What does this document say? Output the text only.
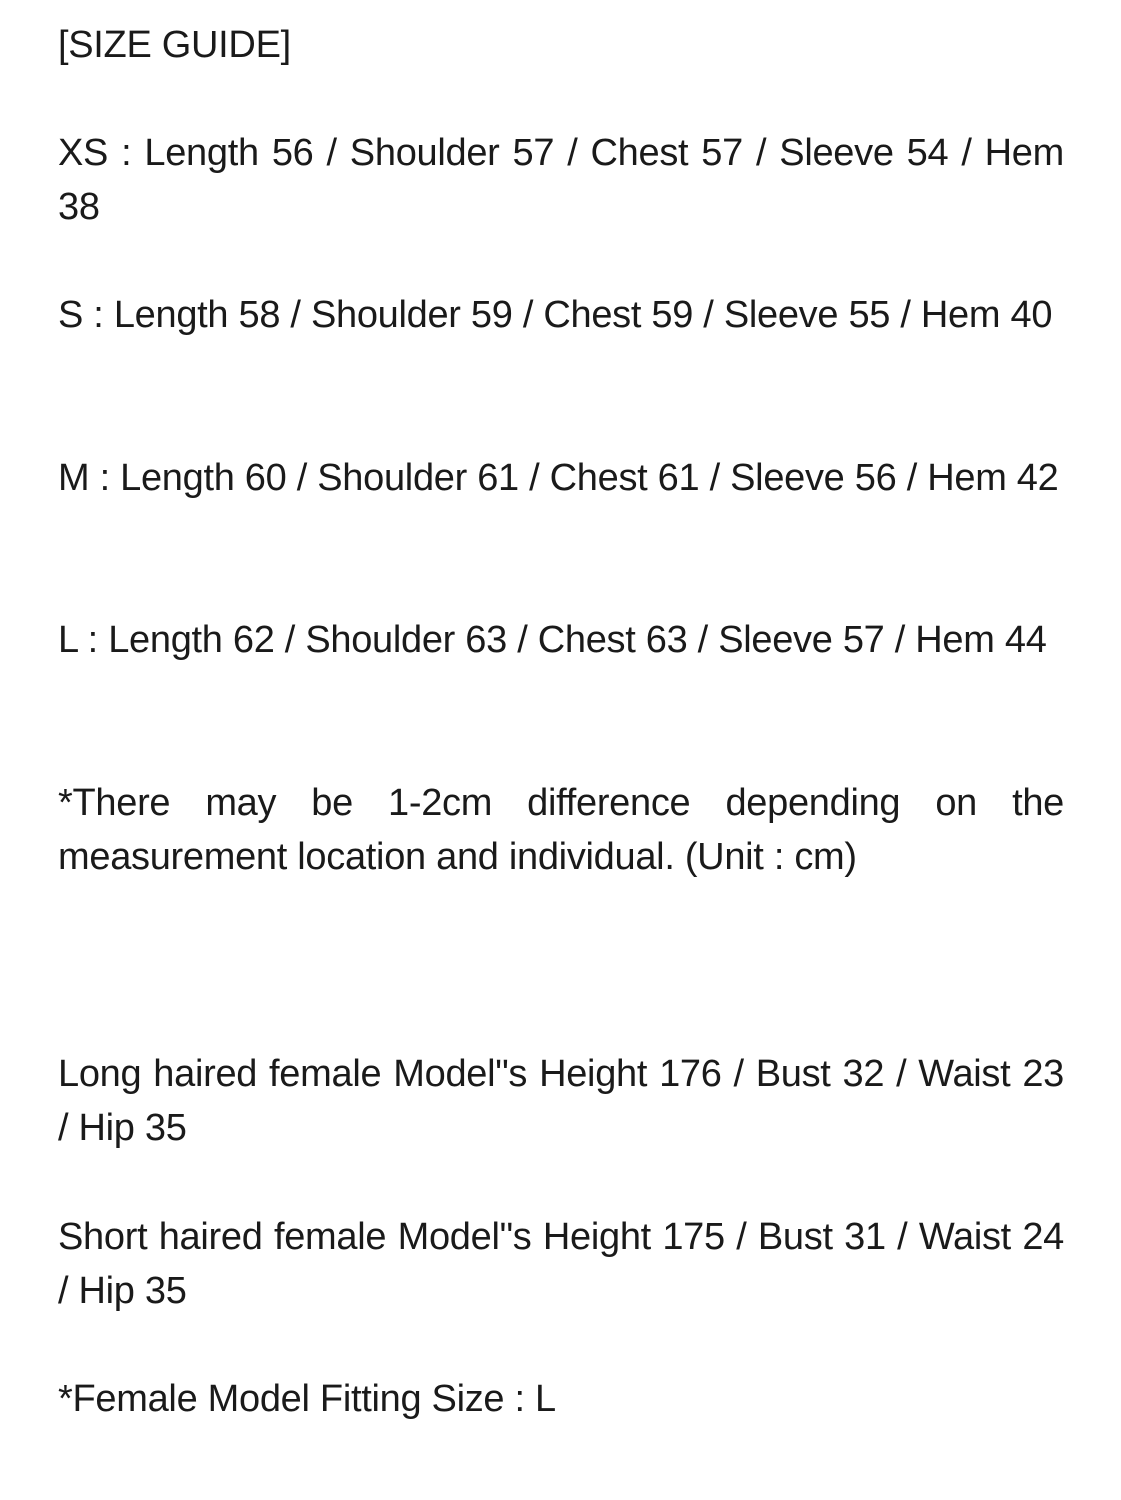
[SIZE GUIDE]

XS : Length 56 / Shoulder 57 / Chest 57 / Sleeve 54 / Hem 38

S : Length 58 / Shoulder 59 / Chest 59 / Sleeve 55 / Hem 40

M : Length 60 / Shoulder 61 / Chest 61 / Sleeve 56 / Hem 42

L : Length 62 / Shoulder 63 / Chest 63 / Sleeve 57 / Hem 44

*There may be 1-2cm difference depending on the measurement location and individual. (Unit : cm)

Long haired female Model"s Height 176 / Bust 32 / Waist 23 / Hip 35

Short haired female Model"s Height 175 / Bust 31 / Waist 24 / Hip 35

*Female Model Fitting Size : L
